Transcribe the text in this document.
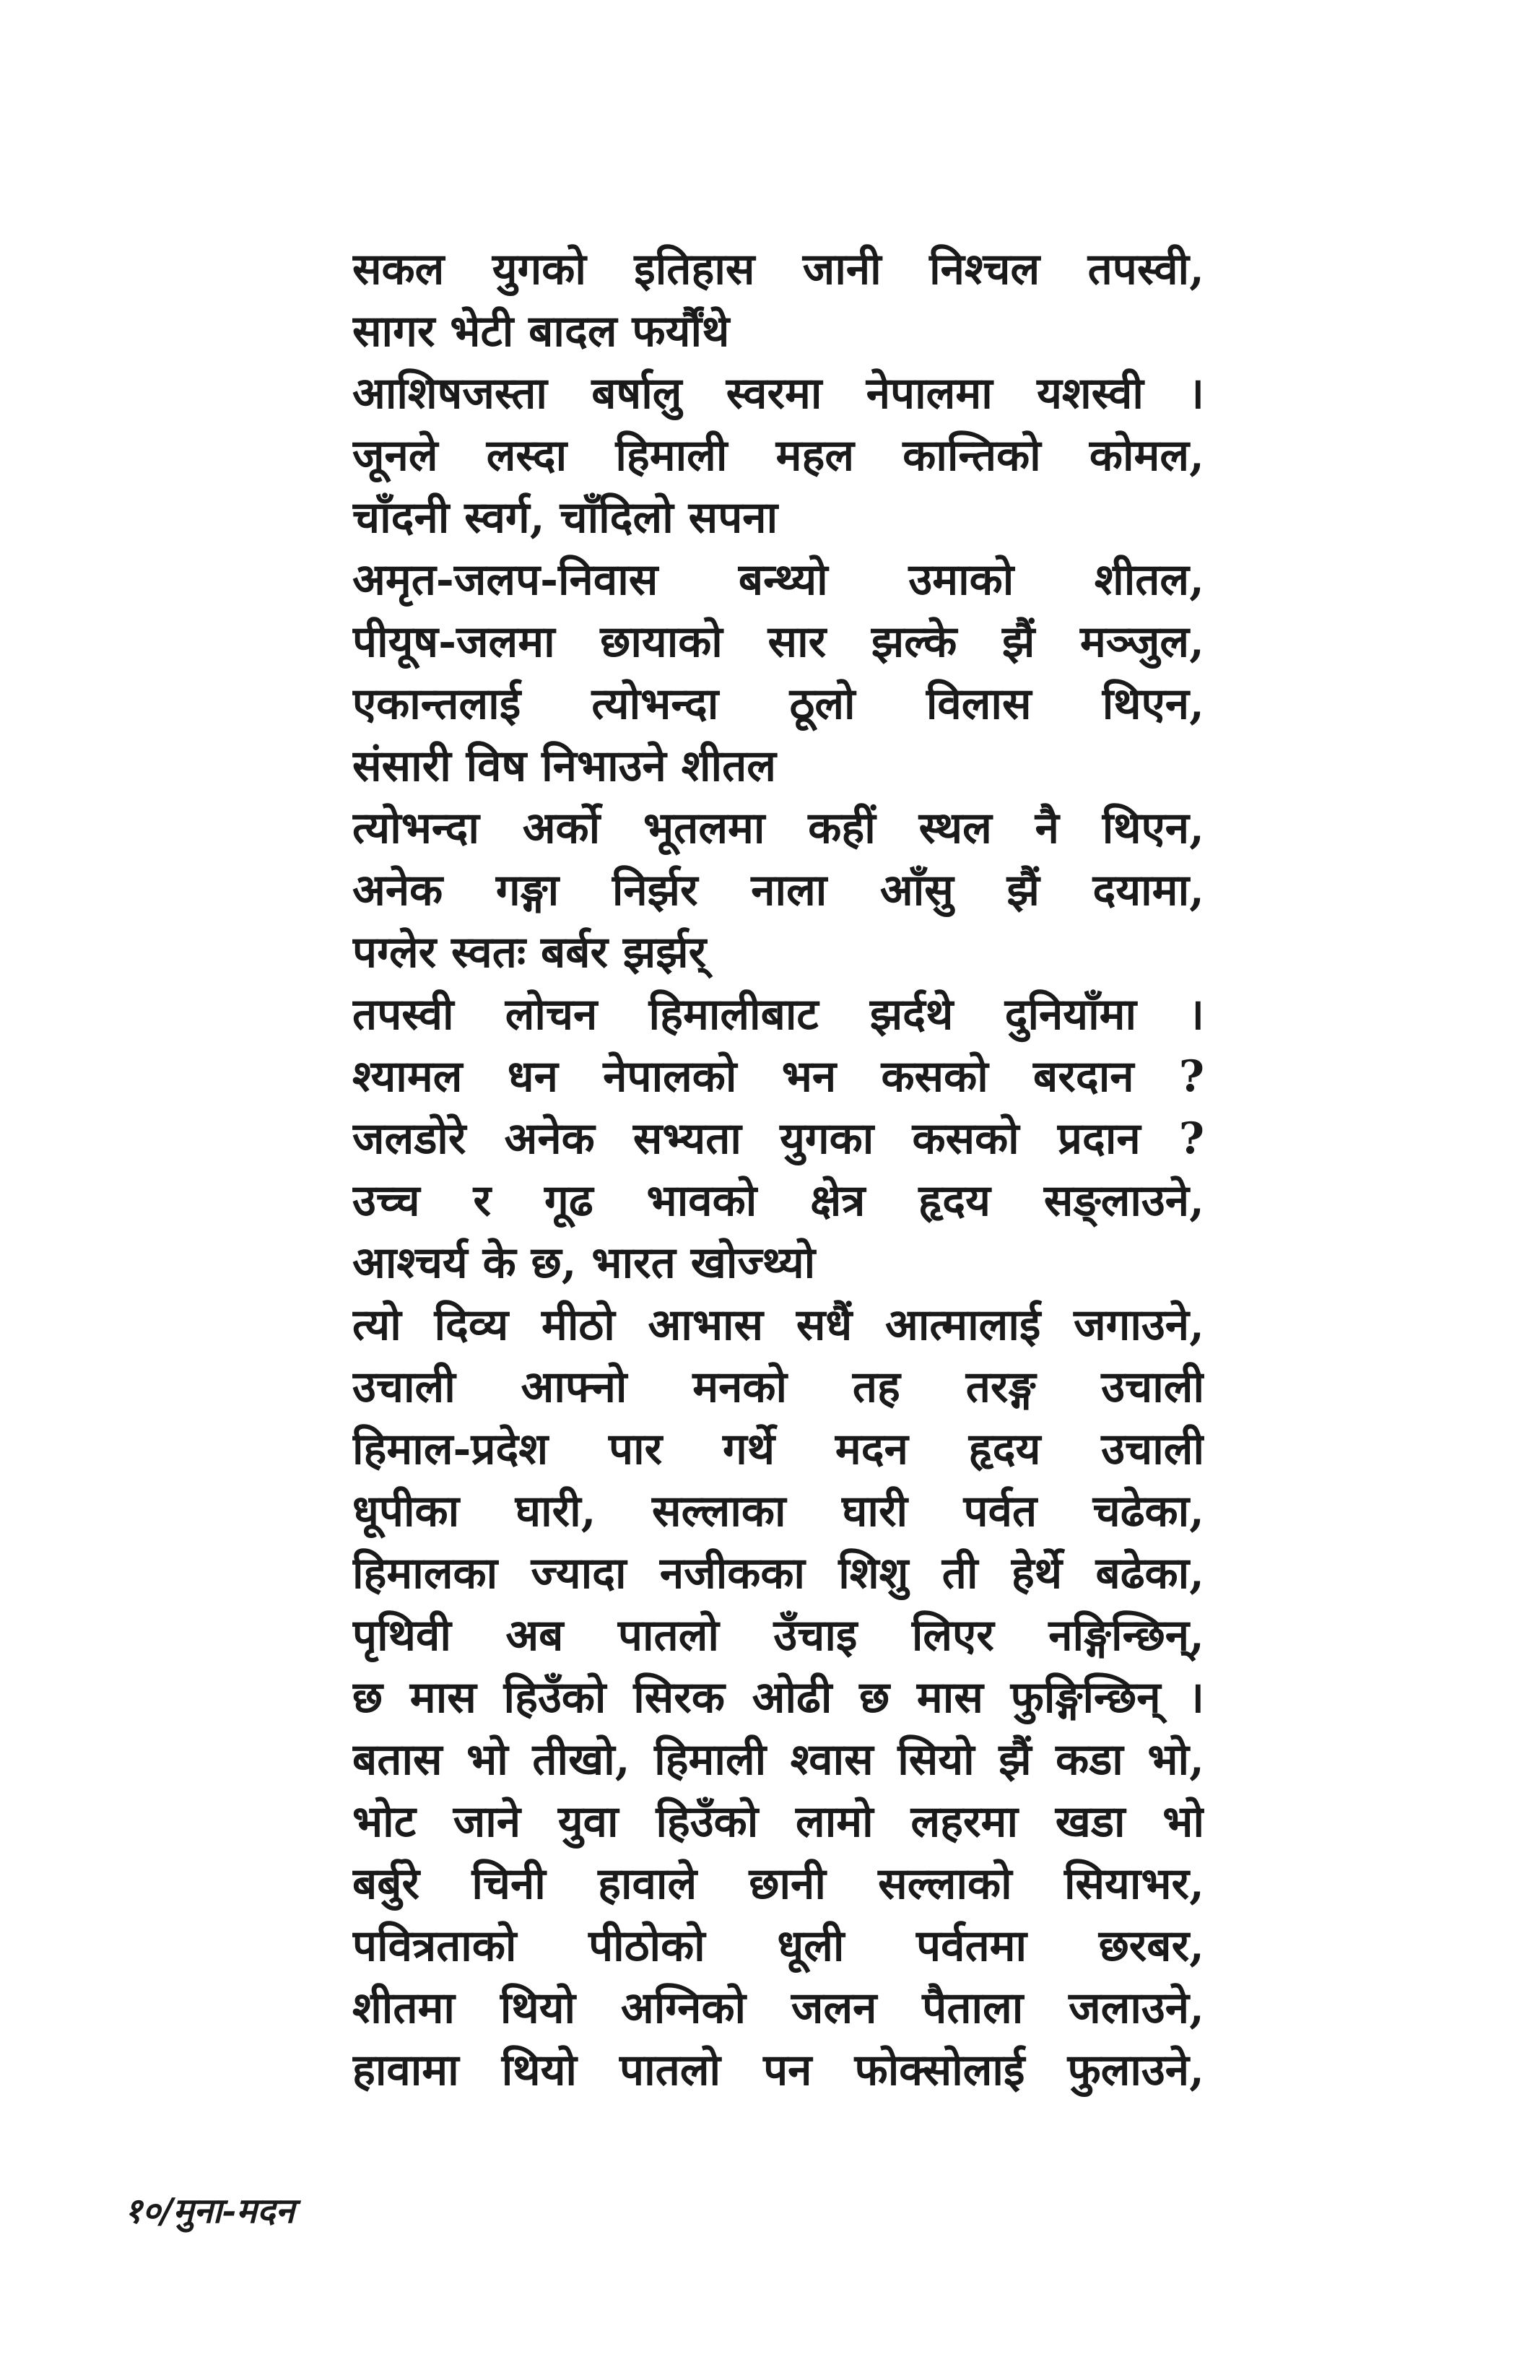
सकल युगको इतिहास जानी निश्चल तपस्वी,
सागर भेटी बादल फर्यौंथे
आशिषजस्ता बर्षालु स्वरमा नेपालमा यशस्वी ।
जूनले लस्दा हिमाली महल कान्तिको कोमल,
चाँदनी स्वर्ग, चाँदिलो सपना
अमृत-जलप-निवास बन्थ्यो उमाको शीतल,
पीयूष-जलमा छायाको सार झल्के झैं मञ्जुल,
एकान्तलाई त्योभन्दा ठूलो विलास थिएन,
संसारी विष निभाउने शीतल
त्योभन्दा अर्को भूतलमा कहीं स्थल नै थिएन,
अनेक गङ्गा निर्झर नाला आँसु झैं दयामा,
पग्लेर स्वतः बर्बर झर्झर्
तपस्वी लोचन हिमालीबाट झर्दथे दुनियाँमा ।
श्यामल धन नेपालको भन कसको बरदान ?
जलडोरे अनेक सभ्यता युगका कसको प्रदान ?
उच्च र गूढ भावको क्षेत्र हृदय सङ्लाउने,
आश्चर्य के छ, भारत खोज्थ्यो
त्यो दिव्य मीठो आभास सधैं आत्मालाई जगाउने,
उचाली आफ्नो मनको तह तरङ्ग उचाली
हिमाल-प्रदेश पार गर्थे मदन हृदय उचाली
धूपीका घारी, सल्लाका घारी पर्वत चढेका,
हिमालका ज्यादा नजीकका शिशु ती हेर्थे बढेका,
पृथिवी अब पातलो उँचाइ लिएर नङ्गिन्छिन्,
छ मास हिउँको सिरक ओढी छ मास फुङ्गिन्छिन् ।
बतास भो तीखो, हिमाली श्वास सियो झैं कडा भो,
भोट जाने युवा हिउँको लामो लहरमा खडा भो
बर्बुरे चिनी हावाले छानी सल्लाको सियाभर,
पवित्रताको पीठोको धूली पर्वतमा छरबर,
शीतमा थियो अग्निको जलन पैताला जलाउने,
हावामा थियो पातलो पन फोक्सोलाई फुलाउने,
१०/मुना-मदन
